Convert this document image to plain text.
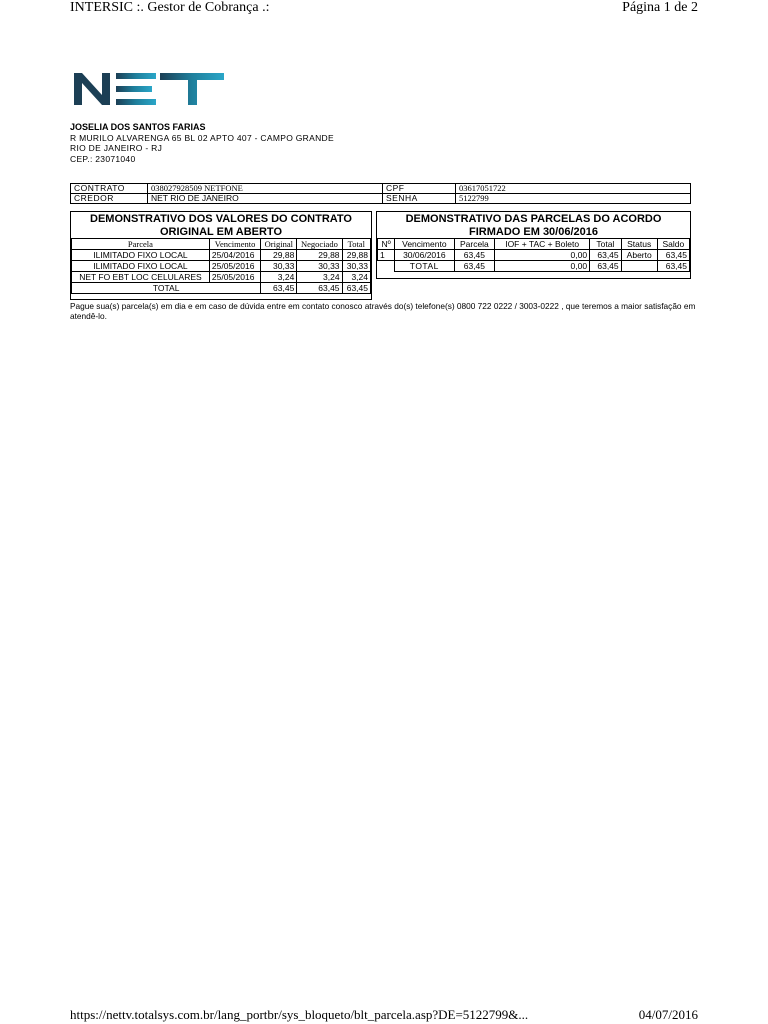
INTERSIC :. Gestor de Cobrança .:	Página 1 de 2
JOSELIA DOS SANTOS FARIAS
R MURILO ALVARENGA 65 BL 02 APTO 407 - CAMPO GRANDE
RIO DE JANEIRO - RJ
CEP.: 23071040
CONTRATO	038027928509 NETFONE	CPF	03617051722
CREDOR	NET RIO DE JANEIRO	SENHA	5122799
DEMONSTRATIVO DOS VALORES DO CONTRATO
ORIGINAL EM ABERTO
Parcela	Vencimento	Original	Negociado	Total
ILIMITADO FIXO LOCAL	25/04/2016	29,88	29,88	29,88
ILIMITADO FIXO LOCAL	25/05/2016	30,33	30,33	30,33
NET FO EBT LOC CELULARES	25/05/2016	3,24	3,24	3,24
TOTAL		63,45	63,45	63,45
DEMONSTRATIVO DAS PARCELAS DO ACORDO
FIRMADO EM 30/06/2016
Nº	Vencimento	Parcela	IOF + TAC + Boleto	Total	Status	Saldo
1	30/06/2016	63,45	0,00	63,45	Aberto	63,45
	TOTAL	63,45	0,00	63,45		63,45
Pague sua(s) parcela(s) em dia e em caso de dúvida entre em contato conosco através do(s) telefone(s) 0800 722 0222 / 3003-0222 , que teremos a maior satisfação em atendê-lo.
https://nettv.totalsys.com.br/lang_portbr/sys_bloqueto/blt_parcela.asp?DE=5122799&...	04/07/2016
